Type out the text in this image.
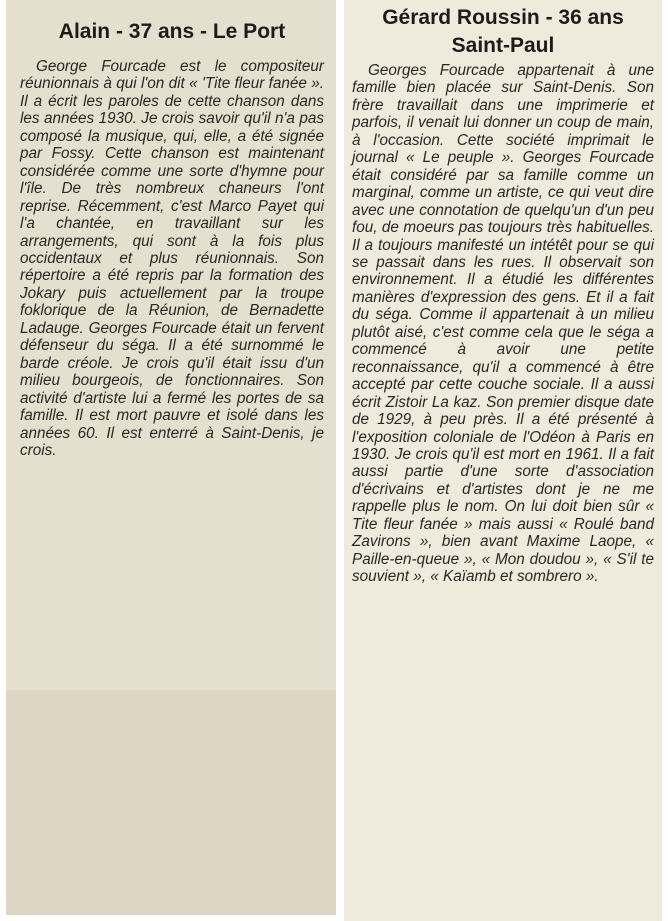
Alain - 37 ans - Le Port

George Fourcade est le compositeur réunionnais à qui l'on dit « 'Tite fleur fanée ». Il a écrit les paroles de cette chanson dans les années 1930. Je crois savoir qu'il n'a pas composé la musique, qui, elle, a été signée par Fossy. Cette chanson est maintenant considérée comme une sorte d'hymne pour l'île. De très nombreux chaneurs l'ont reprise. Récemment, c'est Marco Payet qui l'a chantée, en travaillant sur les arrangements, qui sont à la fois plus occidentaux et plus réunionnais. Son répertoire a été repris par la formation des Jokary puis actuellement par la troupe foklorique de la Réunion, de Bernadette Ladauge. Georges Fourcade était un fervent défenseur du séga. Il a été surnommé le barde créole. Je crois qu'il était issu d'un milieu bourgeois, de fonctionnaires. Son activité d'artiste lui a fermé les portes de sa famille. Il est mort pauvre et isolé dans les années 60. Il est enterré à Saint-Denis, je crois.

Gérard Roussin - 36 ans
Saint-Paul

Georges Fourcade appartenait à une famille bien placée sur Saint-Denis. Son frère travaillait dans une imprimerie et parfois, il venait lui donner un coup de main, à l'occasion. Cette société imprimait le journal « Le peuple ». Georges Fourcade était considéré par sa famille comme un marginal, comme un artiste, ce qui veut dire avec une connotation de quelqu'un d'un peu fou, de moeurs pas toujours très habituelles. Il a toujours manifesté un intétêt pour se qui se passait dans les rues. Il observait son environnement. Il a étudié les différentes manières d'expression des gens. Et il a fait du séga. Comme il appartenait à un milieu plutôt aisé, c'est comme cela que le séga a commencé à avoir une petite reconnaissance, qu'il a commencé à être accepté par cette couche sociale. Il a aussi écrit Zistoir La kaz. Son premier disque date de 1929, à peu près. Il a été présenté à l'exposition coloniale de l'Odéon à Paris en 1930. Je crois qu'il est mort en 1961. Il a fait aussi partie d'une sorte d'association d'écrivains et d'artistes dont je ne me rappelle plus le nom. On lui doit bien sûr « Tite fleur fanée » mais aussi « Roulé band Zavirons », bien avant Maxime Laope, « Paille-en-queue », « Mon doudou », « S'il te souvient », « Kaïamb et sombrero ».
